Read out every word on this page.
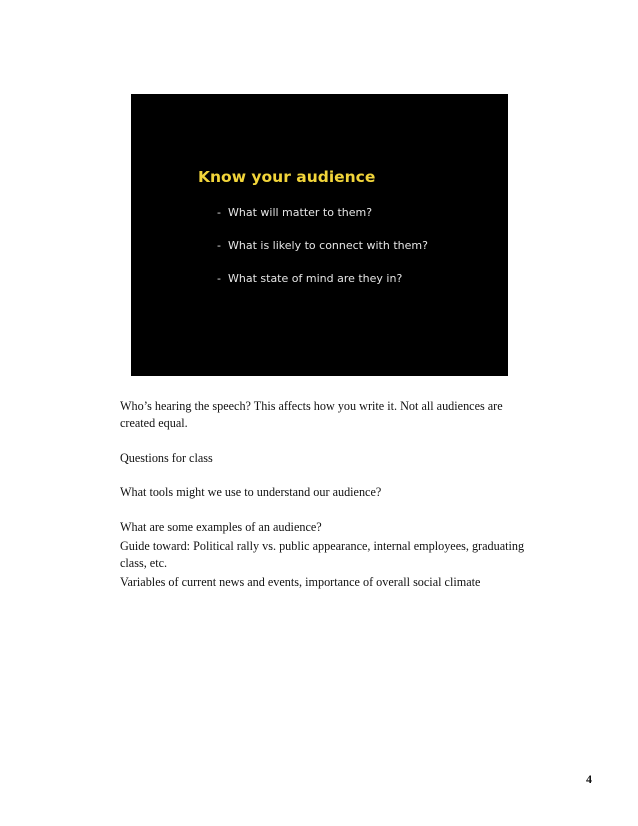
Know your audience
- What will matter to them?
- What is likely to connect with them?
- What state of mind are they in?

Who’s hearing the speech? This affects how you write it. Not all audiences are created equal.

Questions for class

What tools might we use to understand our audience?

What are some examples of an audience?

Guide toward: Political rally vs. public appearance, internal employees, graduating class, etc.

Variables of current news and events, importance of overall social climate

4
